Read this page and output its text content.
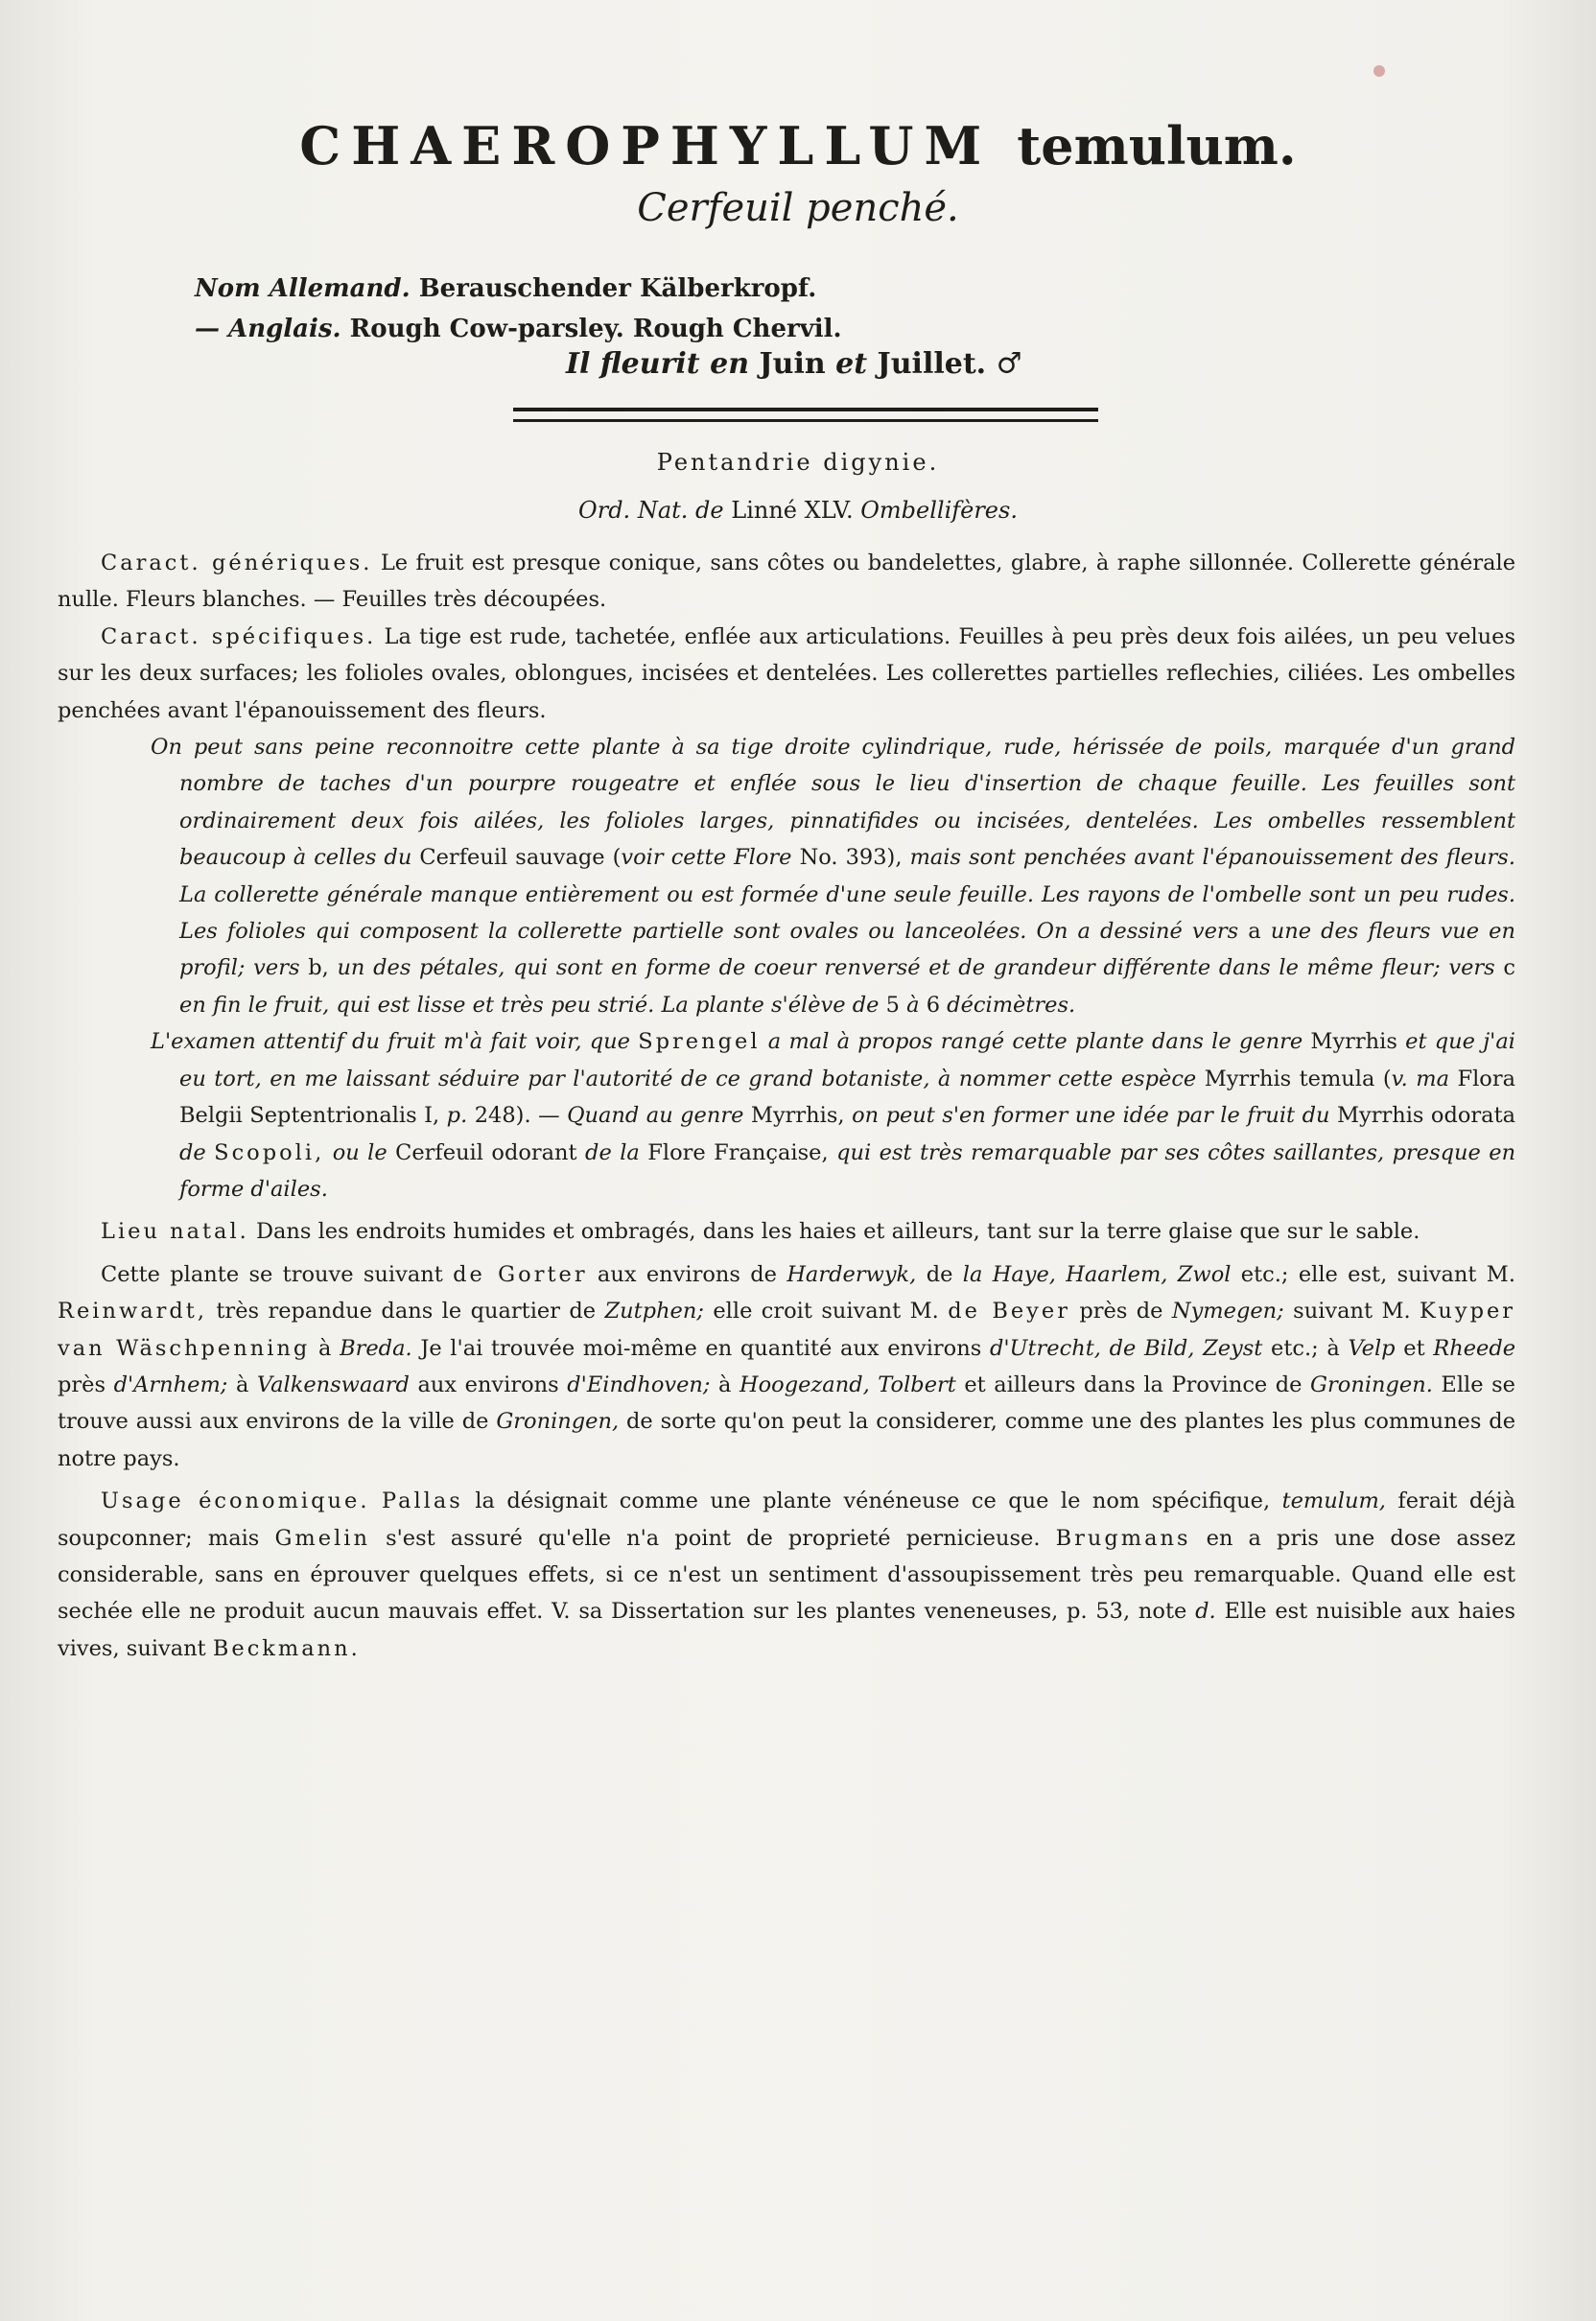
CHAEROPHYLLUM temulum.
Cerfeuil penché.
Nom Allemand. Berauschender Kälberkropf.
— Anglais. Rough Cow-parsley. Rough Chervil.
Il fleurit en Juin et Juillet. ♂
Pentandrie digynie.
Ord. Nat. de Linné XLV. Ombellifères.

Caract. génériques. Le fruit est presque conique, sans côtes ou bandelettes, glabre, à raphe sillonnée. Collerette générale nulle. Fleurs blanches. — Feuilles très découpées.

Caract. spécifiques. La tige est rude, tachetée, enflée aux articulations. Feuilles à peu près deux fois ailées, un peu velues sur les deux surfaces; les folioles ovales, oblongues, incisées et dentelées. Les collerettes partielles reflechies, ciliées. Les ombelles penchées avant l'épanouissement des fleurs.

On peut sans peine reconnoitre cette plante à sa tige droite cylindrique, rude, hérissée de poils, marquée d'un grand nombre de taches d'un pourpre rougeatre et enflée sous le lieu d'insertion de chaque feuille. Les feuilles sont ordinairement deux fois ailées, les folioles larges, pinnatifides ou incisées, dentelées. Les ombelles ressemblent beaucoup à celles du Cerfeuil sauvage (voir cette Flore No. 393), mais sont penchées avant l'épanouissement des fleurs. La collerette générale manque entièrement ou est formée d'une seule feuille. Les rayons de l'ombelle sont un peu rudes. Les folioles qui composent la collerette partielle sont ovales ou lanceolées. On a dessiné vers a une des fleurs vue en profil; vers b, un des pétales, qui sont en forme de coeur renversé et de grandeur différente dans le même fleur; vers c en fin le fruit, qui est lisse et très peu strié. La plante s'élève de 5 à 6 décimètres.

L'examen attentif du fruit m'à fait voir, que Sprengel a mal à propos rangé cette plante dans le genre Myrrhis et que j'ai eu tort, en me laissant séduire par l'autorité de ce grand botaniste, à nommer cette espèce Myrrhis temula (v. ma Flora Belgii Septentrionalis I, p. 248). — Quand au genre Myrrhis, on peut s'en former une idée par le fruit du Myrrhis odorata de Scopoli, ou le Cerfeuil odorant de la Flore Française, qui est très remarquable par ses côtes saillantes, presque en forme d'ailes.

Lieu natal. Dans les endroits humides et ombragés, dans les haies et ailleurs, tant sur la terre glaise que sur le sable.

Cette plante se trouve suivant de Gorter aux environs de Harderwyk, de la Haye, Haarlem, Zwol etc.; elle est, suivant M. Reinwardt, très repandue dans le quartier de Zutphen; elle croit suivant M. de Beyer près de Nymegen; suivant M. Kuyper van Wäschpenning à Breda. Je l'ai trouvée moi-même en quantité aux environs d'Utrecht, de Bild, Zeyst etc.; à Velp et Rheede près d'Arnhem; à Valkenswaard aux environs d'Eindhoven; à Hoogezand, Tolbert et ailleurs dans la Province de Groningen. Elle se trouve aussi aux environs de la ville de Groningen, de sorte qu'on peut la considerer, comme une des plantes les plus communes de notre pays.

Usage économique. Pallas la désignait comme une plante vénéneuse ce que le nom spécifique, temulum, ferait déjà soupconner; mais Gmelin s'est assuré qu'elle n'a point de proprieté pernicieuse. Brugmans en a pris une dose assez considerable, sans en éprouver quelques effets, si ce n'est un sentiment d'assoupissement très peu remarquable. Quand elle est sechée elle ne produit aucun mauvais effet. V. sa Dissertation sur les plantes veneneuses, p. 53, note d. Elle est nuisible aux haies vives, suivant Beckmann.
